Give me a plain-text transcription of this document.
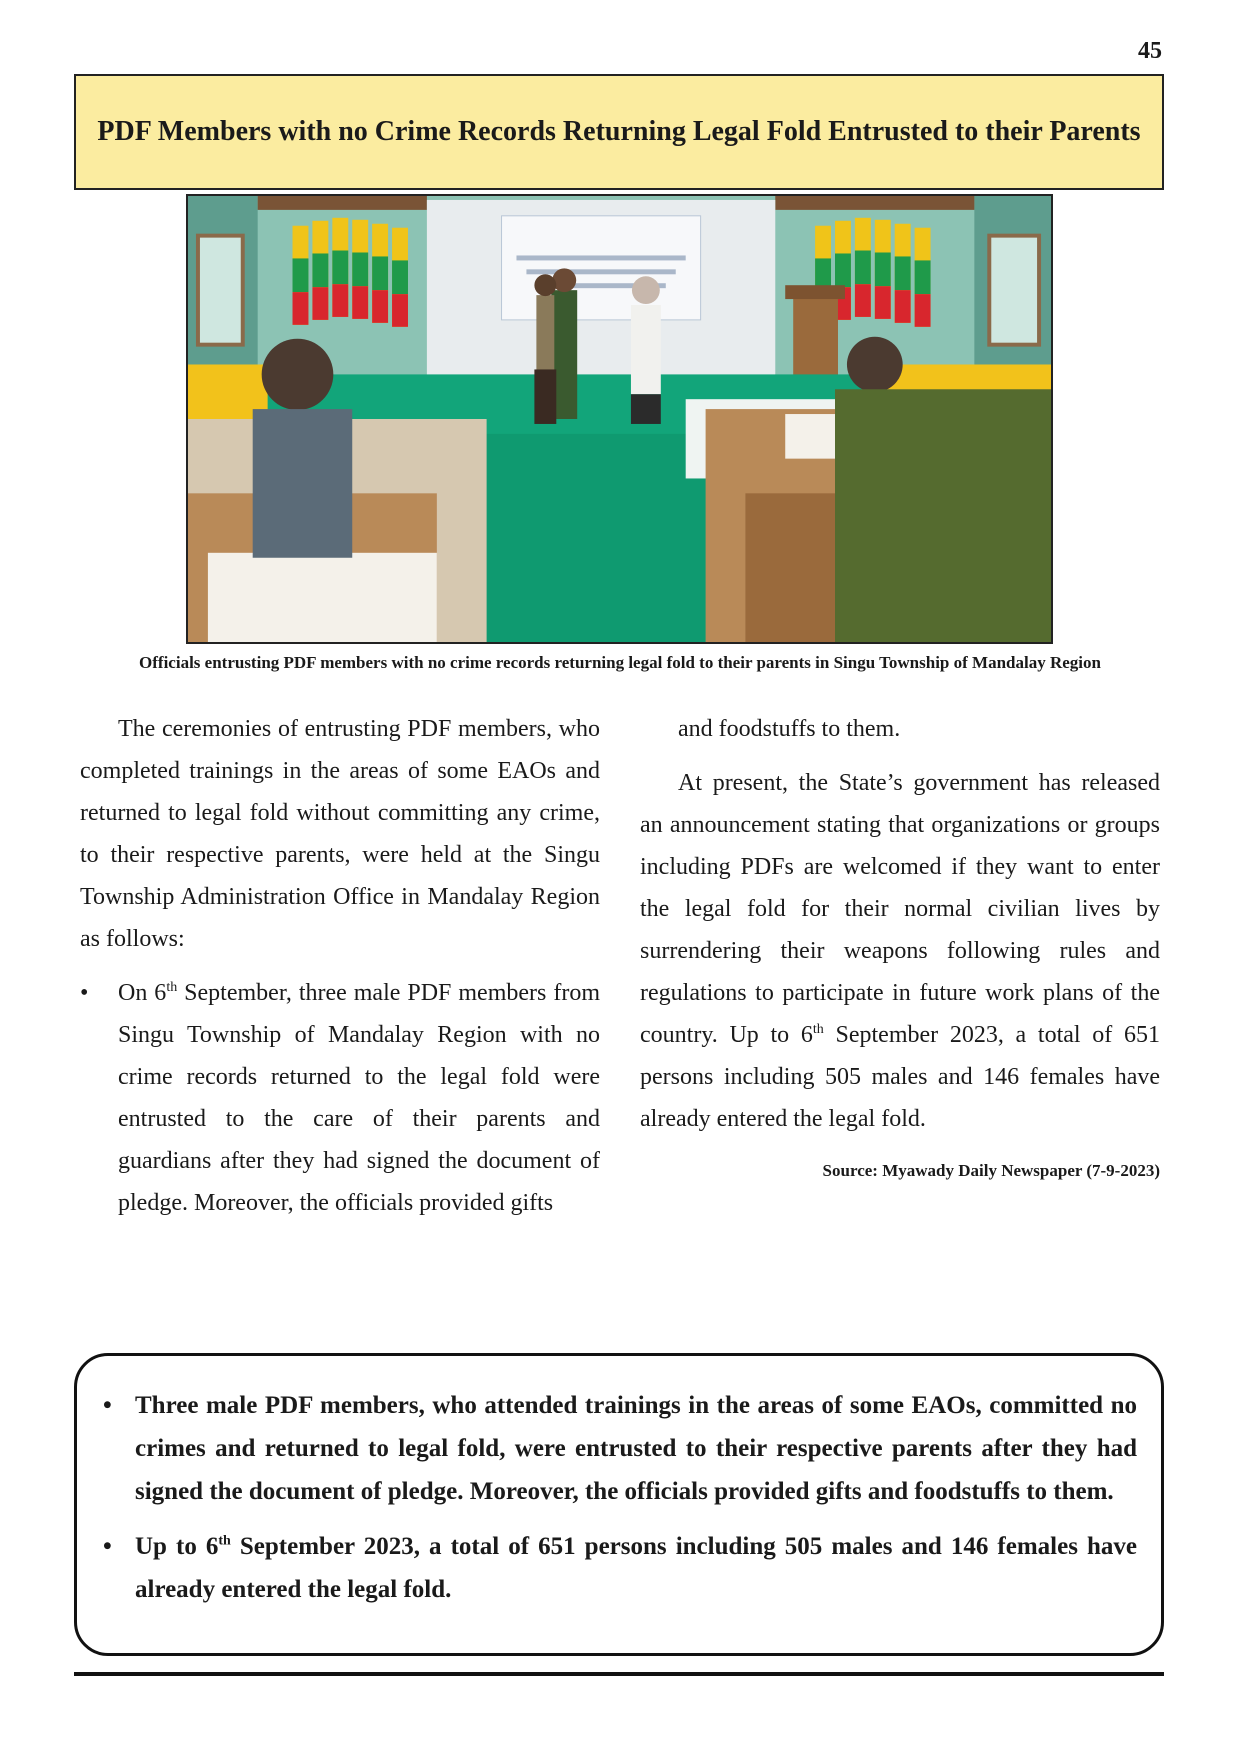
45
PDF Members with no Crime Records Returning Legal Fold Entrusted to their Parents
Officials entrusting PDF members with no crime records returning legal fold to their parents in Singu Township of Mandalay Region

The ceremonies of entrusting PDF members, who completed trainings in the areas of some EAOs and returned to legal fold without committing any crime, to their respective parents, were held at the Singu Township Administration Office in Mandalay Region as follows:

• On 6th September, three male PDF members from Singu Township of Mandalay Region with no crime records returned to the legal fold were entrusted to the care of their parents and guardians after they had signed the document of pledge. Moreover, the officials provided gifts

and foodstuffs to them.

At present, the State’s government has released an announcement stating that organizations or groups including PDFs are welcomed if they want to enter the legal fold for their normal civilian lives by surrendering their weapons following rules and regulations to participate in future work plans of the country. Up to 6th September 2023, a total of 651 persons including 505 males and 146 females have already entered the legal fold.

Source: Myawady Daily Newspaper (7-9-2023)

• Three male PDF members, who attended trainings in the areas of some EAOs, committed no crimes and returned to legal fold, were entrusted to their respective parents after they had signed the document of pledge. Moreover, the officials provided gifts and foodstuffs to them.
• Up to 6th September 2023, a total of 651 persons including 505 males and 146 females have already entered the legal fold.
